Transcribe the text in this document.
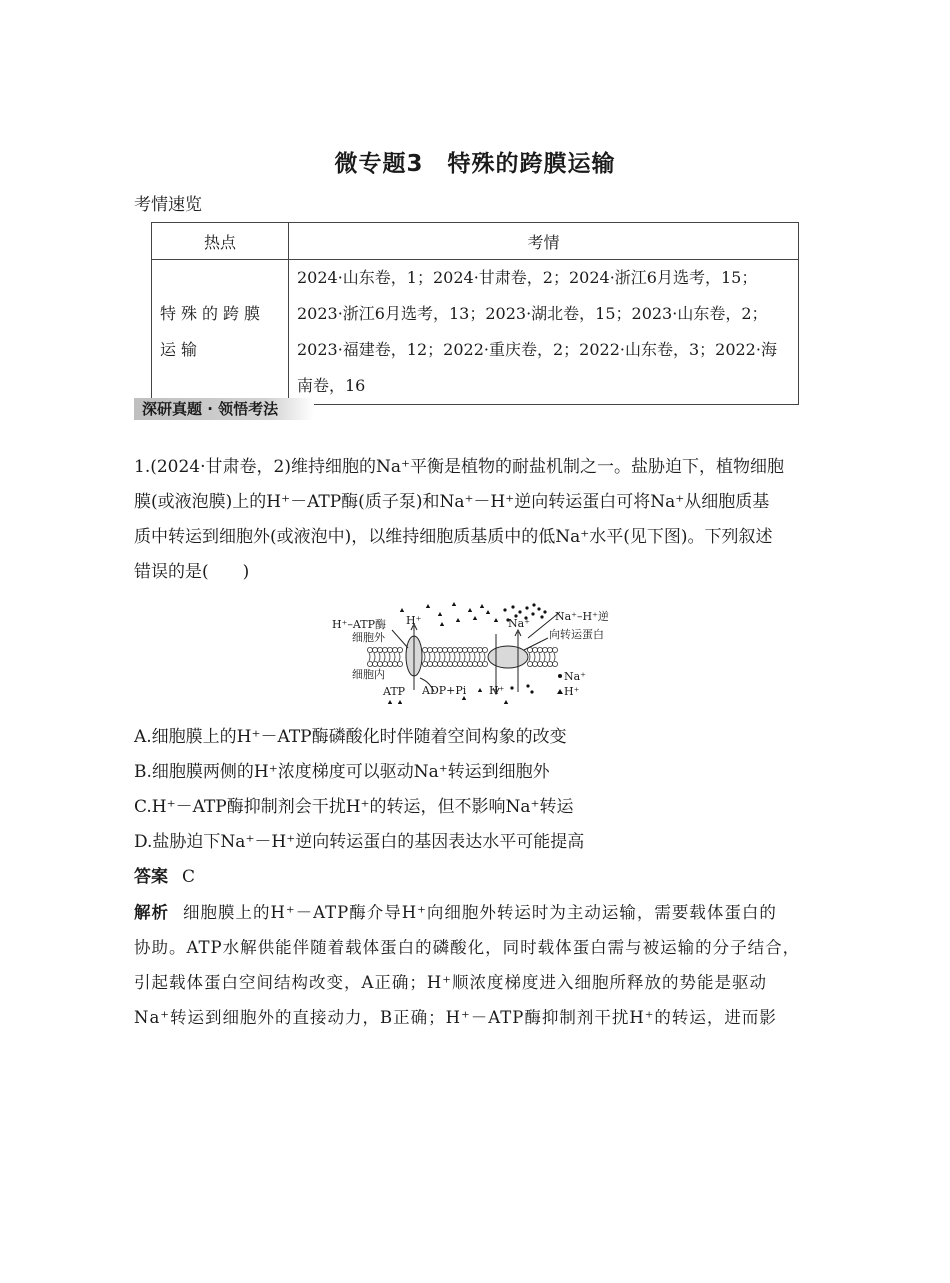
微专题3　特殊的跨膜运输
考情速览
热点	考情
特殊的跨膜运输	2024·山东卷，1；2024·甘肃卷，2；2024·浙江6月选考，15；
2023·浙江6月选考，13；2023·湖北卷，15；2023·山东卷，2；
2023·福建卷，12；2022·重庆卷，2；2022·山东卷，3；2022·海
南卷，16
深研真题 · 领悟考法
1.(2024·甘肃卷，2)维持细胞的Na⁺平衡是植物的耐盐机制之一。盐胁迫下，植物细胞
膜(或液泡膜)上的H⁺－ATP酶(质子泵)和Na⁺－H⁺逆向转运蛋白可将Na⁺从细胞质基
质中转运到细胞外(或液泡中)，以维持细胞质基质中的低Na⁺水平(见下图)。下列叙述
错误的是(　　)
H⁺–ATP酶
细胞外
细胞内
H⁺	Na⁺
Na⁺–H⁺逆
向转运蛋白
ATP ADP+Pi H⁺
Na⁺
H⁺
A.细胞膜上的H⁺－ATP酶磷酸化时伴随着空间构象的改变
B.细胞膜两侧的H⁺浓度梯度可以驱动Na⁺转运到细胞外
C.H⁺－ATP酶抑制剂会干扰H⁺的转运，但不影响Na⁺转运
D.盐胁迫下Na⁺－H⁺逆向转运蛋白的基因表达水平可能提高
答案 C
解析 细胞膜上的H⁺－ATP酶介导H⁺向细胞外转运时为主动运输，需要载体蛋白的
协助。ATP水解供能伴随着载体蛋白的磷酸化，同时载体蛋白需与被运输的分子结合，
引起载体蛋白空间结构改变，A正确；H⁺顺浓度梯度进入细胞所释放的势能是驱动
Na⁺转运到细胞外的直接动力，B正确；H⁺－ATP酶抑制剂干扰H⁺的转运，进而影
